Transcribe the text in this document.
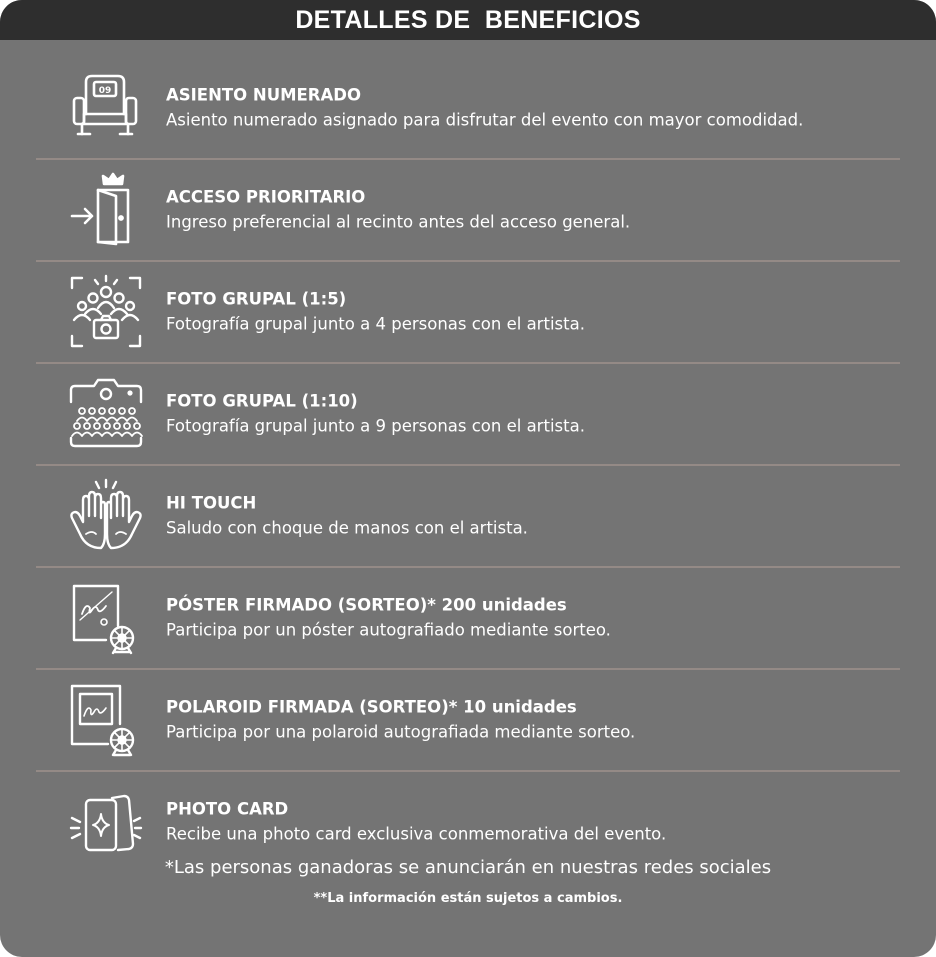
DETALLES DE  BENEFICIOS
09	ASIENTO NUMERADO
Asiento numerado asignado para disfrutar del evento con mayor comodidad.
ACCESO PRIORITARIO
Ingreso preferencial al recinto antes del acceso general.
FOTO GRUPAL (1:5)
Fotografía grupal junto a 4 personas con el artista.
FOTO GRUPAL (1:10)
Fotografía grupal junto a 9 personas con el artista.
HI TOUCH
Saludo con choque de manos con el artista.
PÓSTER FIRMADO (SORTEO)* 200 unidades
Participa por un póster autografiado mediante sorteo.
POLAROID FIRMADA (SORTEO)* 10 unidades
Participa por una polaroid autografiada mediante sorteo.
PHOTO CARD
Recibe una photo card exclusiva conmemorativa del evento.
*Las personas ganadoras se anunciarán en nuestras redes sociales
**La información están sujetos a cambios.
